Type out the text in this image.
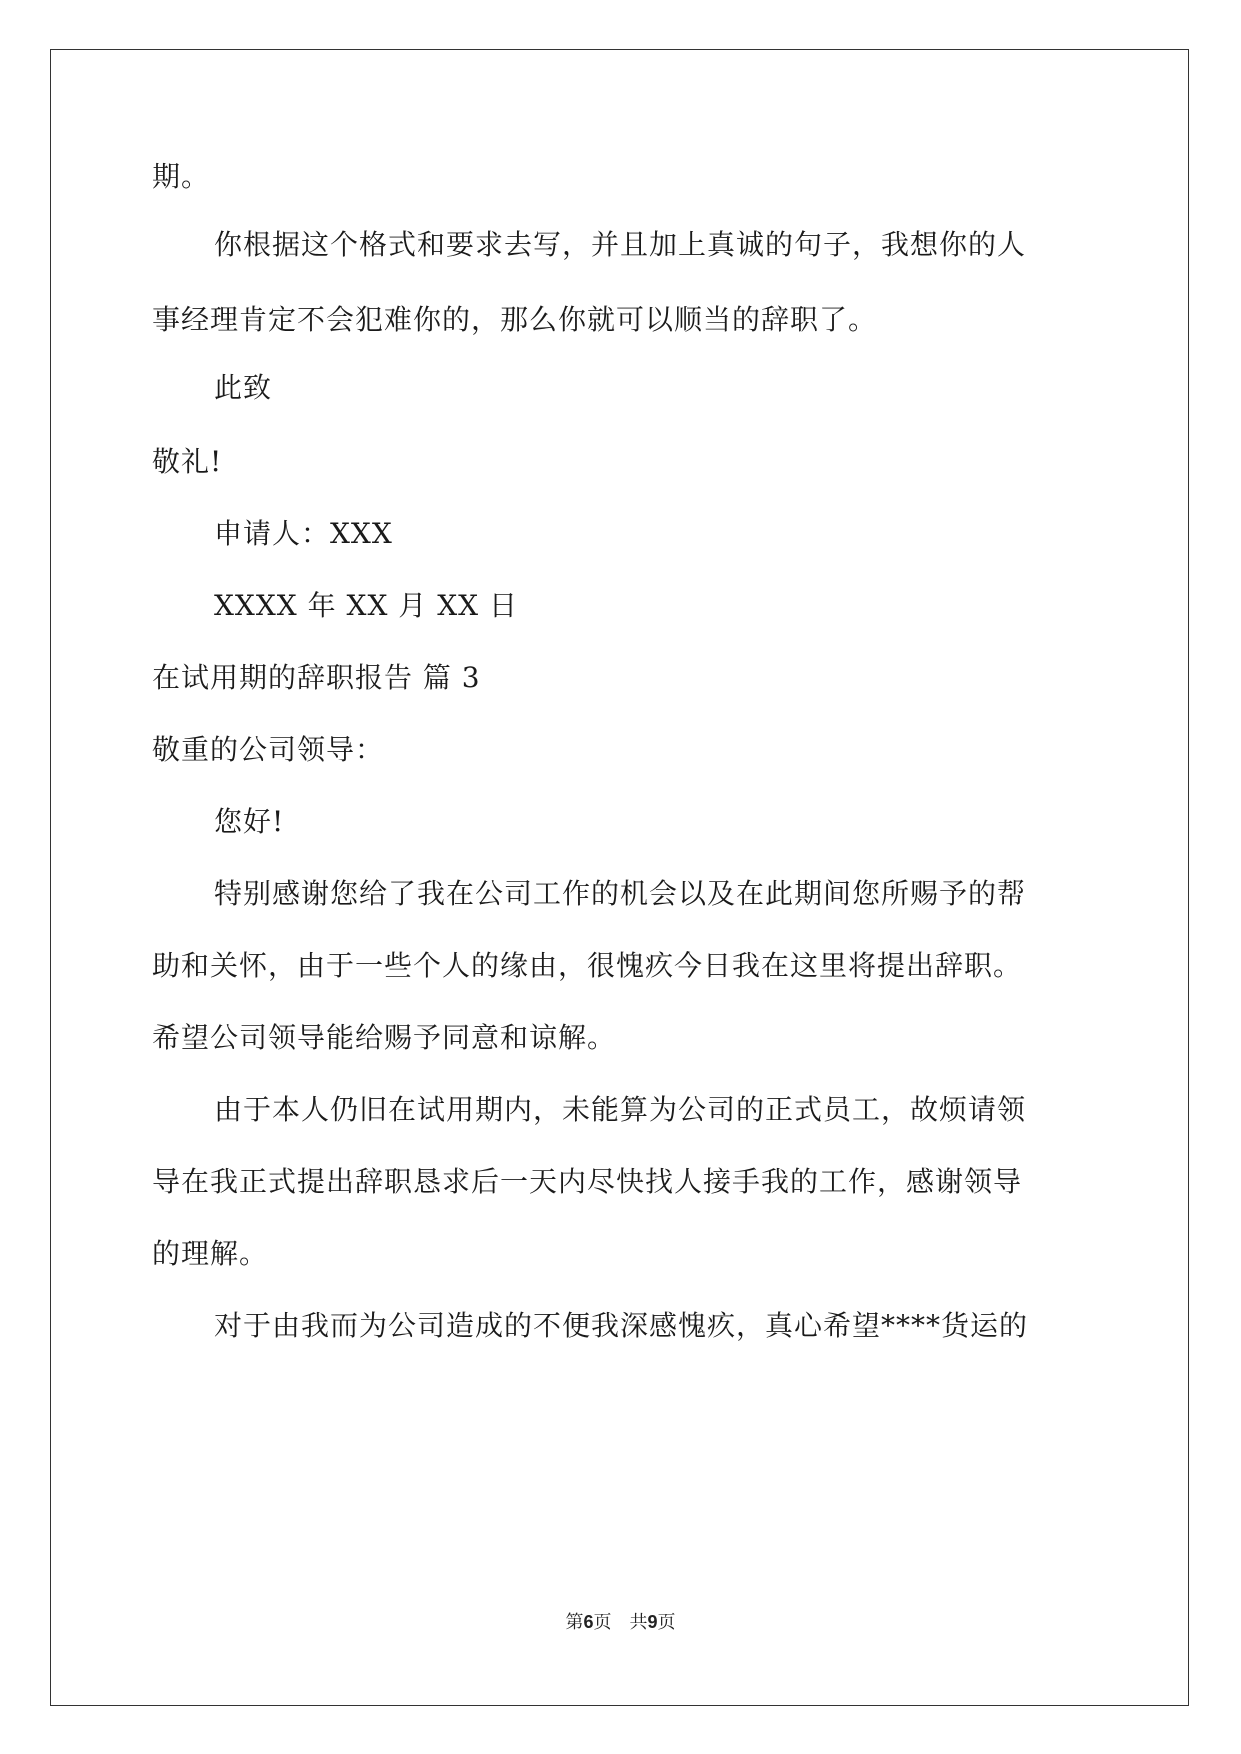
期。
你根据这个格式和要求去写，并且加上真诚的句子，我想你的人
事经理肯定不会犯难你的，那么你就可以顺当的辞职了。
此致
敬礼!
申请人：XXX
XXXX 年 XX 月 XX 日
在试用期的辞职报告 篇 3
敬重的公司领导：
您好!
特别感谢您给了我在公司工作的机会以及在此期间您所赐予的帮
助和关怀，由于一些个人的缘由，很愧疚今日我在这里将提出辞职。
希望公司领导能给赐予同意和谅解。
由于本人仍旧在试用期内，未能算为公司的正式员工，故烦请领
导在我正式提出辞职恳求后一天内尽快找人接手我的工作，感谢领导
的理解。
对于由我而为公司造成的不便我深感愧疚，真心希望****货运的
第6页　共9页
